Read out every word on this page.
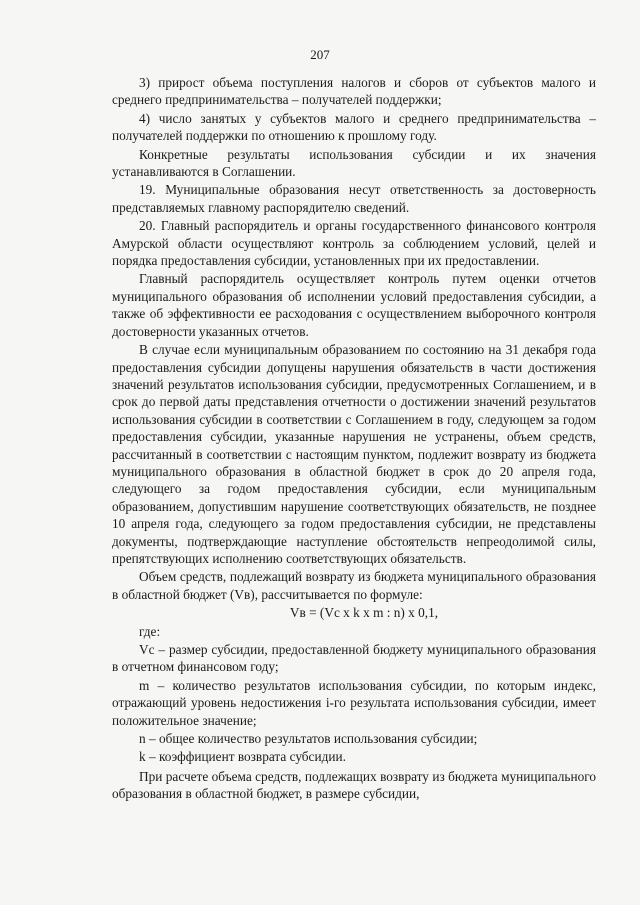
207

3) прирост объема поступления налогов и сборов от субъектов малого и среднего предпринимательства – получателей поддержки;

4) число занятых у субъектов малого и среднего предпринимательства – получателей поддержки по отношению к прошлому году.

Конкретные результаты использования субсидии и их значения устанавливаются в Соглашении.

19. Муниципальные образования несут ответственность за достоверность представляемых главному распорядителю сведений.

20. Главный распорядитель и органы государственного финансового контроля Амурской области осуществляют контроль за соблюдением условий, целей и порядка предоставления субсидии, установленных при их предоставлении.

Главный распорядитель осуществляет контроль путем оценки отчетов муниципального образования об исполнении условий предоставления субсидии, а также об эффективности ее расходования с осуществлением выборочного контроля достоверности указанных отчетов.

В случае если муниципальным образованием по состоянию на 31 декабря года предоставления субсидии допущены нарушения обязательств в части достижения значений результатов использования субсидии, предусмотренных Соглашением, и в срок до первой даты представления отчетности о достижении значений результатов использования субсидии в соответствии с Соглашением в году, следующем за годом предоставления субсидии, указанные нарушения не устранены, объем средств, рассчитанный в соответствии с настоящим пунктом, подлежит возврату из бюджета муниципального образования в областной бюджет в срок до 20 апреля года, следующего за годом предоставления субсидии, если муниципальным образованием, допустившим нарушение соответствующих обязательств, не позднее 10 апреля года, следующего за годом предоставления субсидии, не представлены документы, подтверждающие наступление обстоятельств непреодолимой силы, препятствующих исполнению соответствующих обязательств.

Объем средств, подлежащий возврату из бюджета муниципального образования в областной бюджет (Vв), рассчитывается по формуле:

Vв = (Vс x k x m : n) x 0,1,

где:

Vс – размер субсидии, предоставленной бюджету муниципального образования в отчетном финансовом году;

m – количество результатов использования субсидии, по которым индекс, отражающий уровень недостижения i-го результата использования субсидии, имеет положительное значение;

n – общее количество результатов использования субсидии;

k – коэффициент возврата субсидии.

При расчете объема средств, подлежащих возврату из бюджета муниципального образования в областной бюджет, в размере субсидии,
